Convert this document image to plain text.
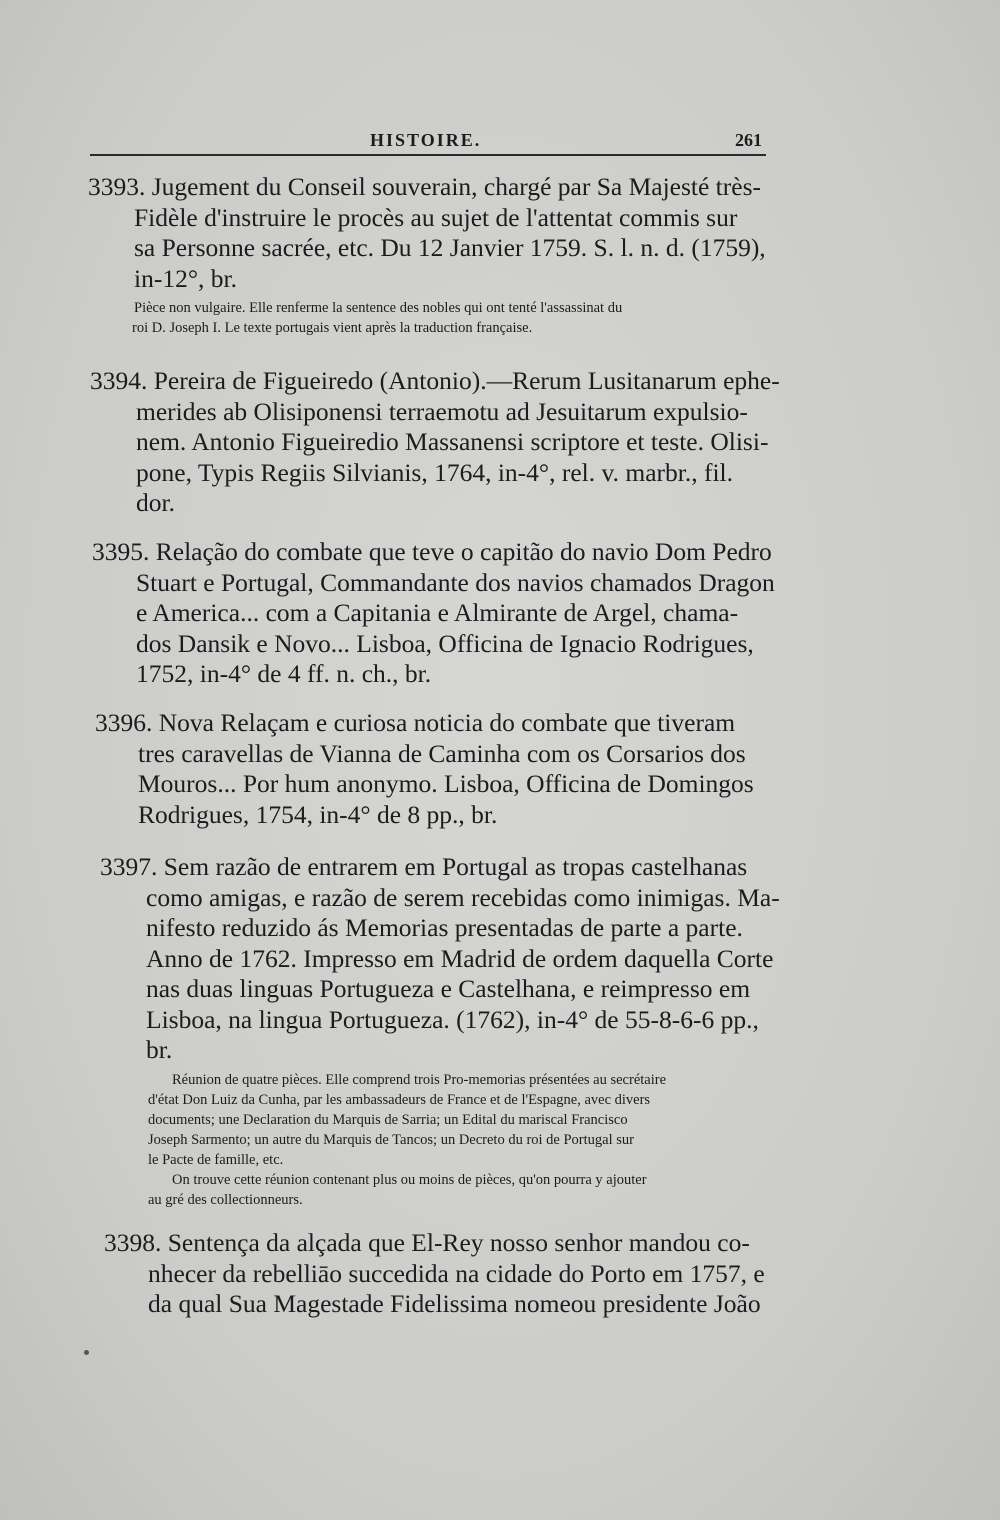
HISTOIRE.	261
3393. Jugement du Conseil souverain, chargé par Sa Majesté très-
Fidèle d'instruire le procès au sujet de l'attentat commis sur
sa Personne sacrée, etc. Du 12 Janvier 1759. S. l. n. d. (1759),
in-12°, br.
Pièce non vulgaire. Elle renferme la sentence des nobles qui ont tenté l'assassinat du
roi D. Joseph I. Le texte portugais vient après la traduction française.
3394. Pereira de Figueiredo (Antonio).—Rerum Lusitanarum ephe-
merides ab Olisiponensi terraemotu ad Jesuitarum expulsio-
nem. Antonio Figueiredio Massanensi scriptore et teste. Olisi-
pone, Typis Regiis Silvianis, 1764, in-4°, rel. v. marbr., fil.
dor.
3395. Relação do combate que teve o capitão do navio Dom Pedro
Stuart e Portugal, Commandante dos navios chamados Dragon
e America... com a Capitania e Almirante de Argel, chama-
dos Dansik e Novo... Lisboa, Officina de Ignacio Rodrigues,
1752, in-4° de 4 ff. n. ch., br.
3396. Nova Relaçam e curiosa noticia do combate que tiveram
tres caravellas de Vianna de Caminha com os Corsarios dos
Mouros... Por hum anonymo. Lisboa, Officina de Domingos
Rodrigues, 1754, in-4° de 8 pp., br.
3397. Sem razão de entrarem em Portugal as tropas castelhanas
como amigas, e razão de serem recebidas como inimigas. Ma-
nifesto reduzido ás Memorias presentadas de parte a parte.
Anno de 1762. Impresso em Madrid de ordem daquella Corte
nas duas linguas Portugueza e Castelhana, e reimpresso em
Lisboa, na lingua Portugueza. (1762), in-4° de 55-8-6-6 pp.,
br.
Réunion de quatre pièces. Elle comprend trois Pro-memorias présentées au secrétaire
d'état Don Luiz da Cunha, par les ambassadeurs de France et de l'Espagne, avec divers
documents; une Declaration du Marquis de Sarria; un Edital du mariscal Francisco
Joseph Sarmento; un autre du Marquis de Tancos; un Decreto du roi de Portugal sur
le Pacte de famille, etc.
On trouve cette réunion contenant plus ou moins de pièces, qu'on pourra y ajouter
au gré des collectionneurs.
3398. Sentença da alçada que El-Rey nosso senhor mandou co-
nhecer da rebelliāo succedida na cidade do Porto em 1757, e
da qual Sua Magestade Fidelissima nomeou presidente João
